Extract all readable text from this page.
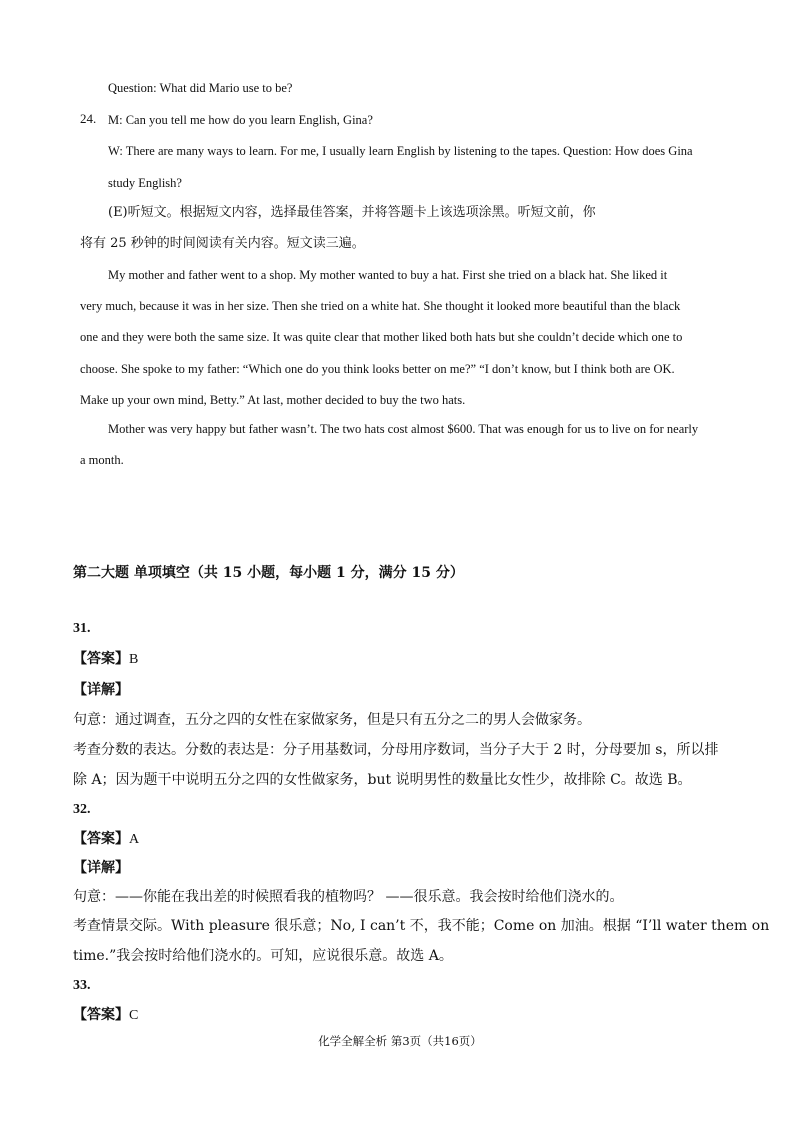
Question: What did Mario use to be?
24. M: Can you tell me how do you learn English, Gina?
W: There are many ways to learn. For me, I usually learn English by listening to the tapes. Question: How does Gina
study English?
(E)听短文。根据短文内容，选择最佳答案，并将答题卡上该选项涂黑。听短文前，你
将有 25 秒钟的时间阅读有关内容。短文读三遍。
My mother and father went to a shop. My mother wanted to buy a hat. First she tried on a black hat. She liked it
very much, because it was in her size. Then she tried on a white hat. She thought it looked more beautiful than the black
one and they were both the same size. It was quite clear that mother liked both hats but she couldn’t decide which one to
choose. She spoke to my father: “Which one do you think looks better on me?” “I don’t know, but I think both are OK.
Make up your own mind, Betty.” At last, mother decided to buy the two hats.
Mother was very happy but father wasn’t. The two hats cost almost $600. That was enough for us to live on for nearly
a month.
第二大题 单项填空（共 15 小题，每小题 1 分，满分 15 分）
31.
【答案】B
【详解】
句意：通过调查，五分之四的女性在家做家务，但是只有五分之二的男人会做家务。
考查分数的表达。分数的表达是：分子用基数词，分母用序数词，当分子大于 2 时，分母要加 s，所以排
除 A；因为题干中说明五分之四的女性做家务，but 说明男性的数量比女性少，故排除 C。故选 B。
32.
【答案】A
【详解】
句意：——你能在我出差的时候照看我的植物吗？ ——很乐意。我会按时给他们浇水的。
考查情景交际。With pleasure 很乐意；No, I can’t 不，我不能；Come on 加油。根据 “I’ll water them on
time.”我会按时给他们浇水的。可知，应说很乐意。故选 A。
33.
【答案】C
化学全解全析 第3页（共16页）
